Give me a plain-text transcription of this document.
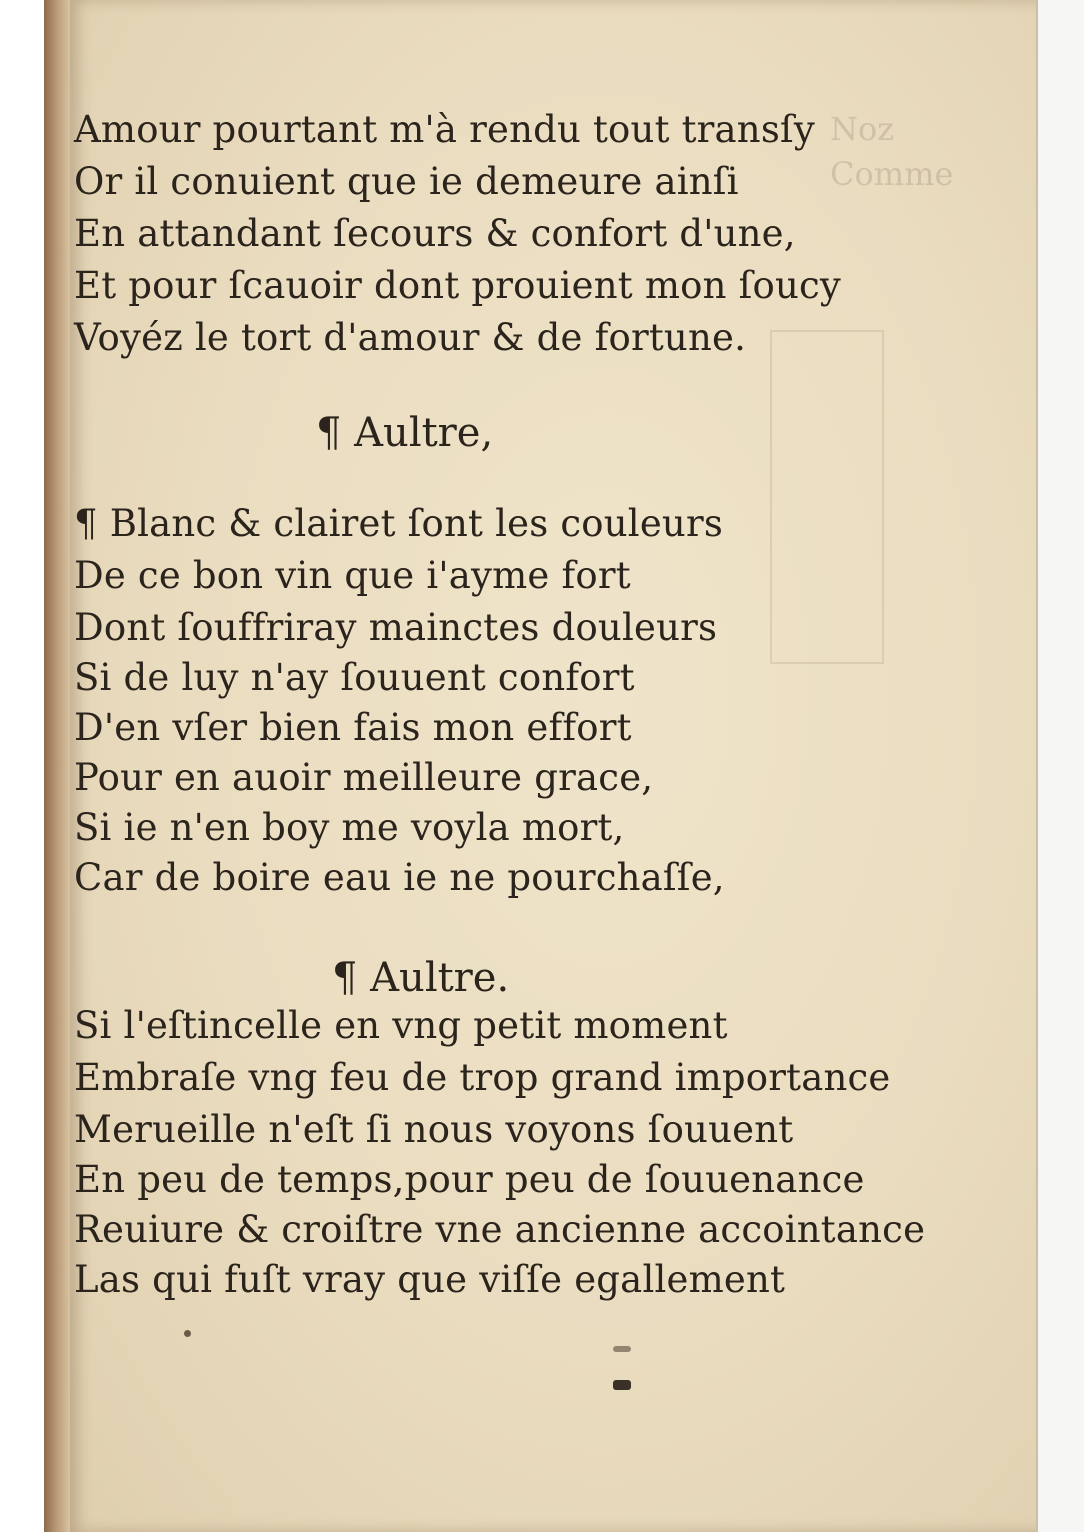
Noz
Comme
Amour pourtant m'à rendu tout transſy
Or il conuient que ie demeure ainſi
En attandant ſecours & confort d'une,
Et pour ſcauoir dont prouient mon ſoucy
Voyéz le tort d'amour & de fortune.
¶ Aultre,
¶ Blanc & clairet ſont les couleurs
De ce bon vin que i'ayme fort
Dont ſouffriray mainctes douleurs
Si de luy n'ay ſouuent confort
D'en vſer bien fais mon effort
Pour en auoir meilleure grace,
Si ie n'en boy me voyla mort,
Car de boire eau ie ne pourchaſſe,
¶ Aultre.
Si l'eſtincelle en vng petit moment
Embraſe vng feu de trop grand importance
Merueille n'eſt ſi nous voyons ſouuent
En peu de temps,pour peu de ſouuenance
Reuiure & croiſtre vne ancienne accointance
Las qui fuſt vray que viſſe egallement
